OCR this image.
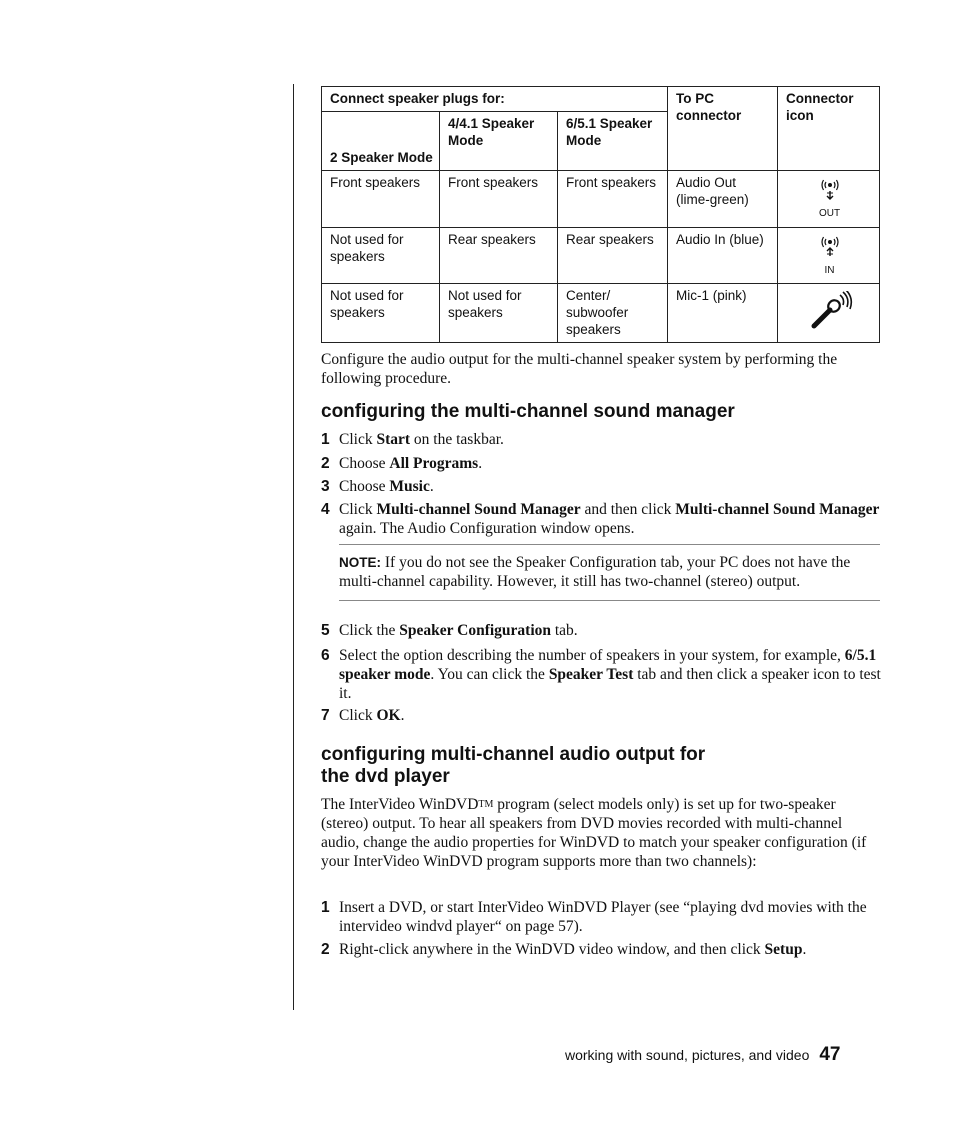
Connect speaker plugs for:			To PC connector	Connector icon
2 Speaker Mode	4/4.1 Speaker Mode	6/5.1 Speaker Mode		
Front speakers	Front speakers	Front speakers	Audio Out (lime-green)	OUT

Not used for speakers	Rear speakers	Rear speakers	Audio In (blue)	IN

Not used for speakers	Not used for speakers	Center/ subwoofer speakers	Mic-1 (pink)	
Configure the audio output for the multi-channel speaker system by performing the following procedure.
configuring the multi-channel sound manager
1 Click Start on the taskbar.
2 Choose All Programs.
3 Choose Music.
4 Click Multi-channel Sound Manager and then click Multi-channel Sound Manager again. The Audio Configuration window opens.
NOTE: If you do not see the Speaker Configuration tab, your PC does not have the multi-channel capability. However, it still has two-channel (stereo) output.
5 Click the Speaker Configuration tab.
6 Select the option describing the number of speakers in your system, for example, 6/5.1 speaker mode. You can click the Speaker Test tab and then click a speaker icon to test it.
7 Click OK.
configuring multi-channel audio output for
the dvd player
The InterVideo WinDVD™ program (select models only) is set up for two-speaker (stereo) output. To hear all speakers from DVD movies recorded with multi-channel audio, change the audio properties for WinDVD to match your speaker configuration (if your InterVideo WinDVD program supports more than two channels):
1 Insert a DVD, or start InterVideo WinDVD Player (see “playing dvd movies with the intervideo windvd player“ on page 57).
2 Right-click anywhere in the WinDVD video window, and then click Setup.
working with sound, pictures, and video 47
